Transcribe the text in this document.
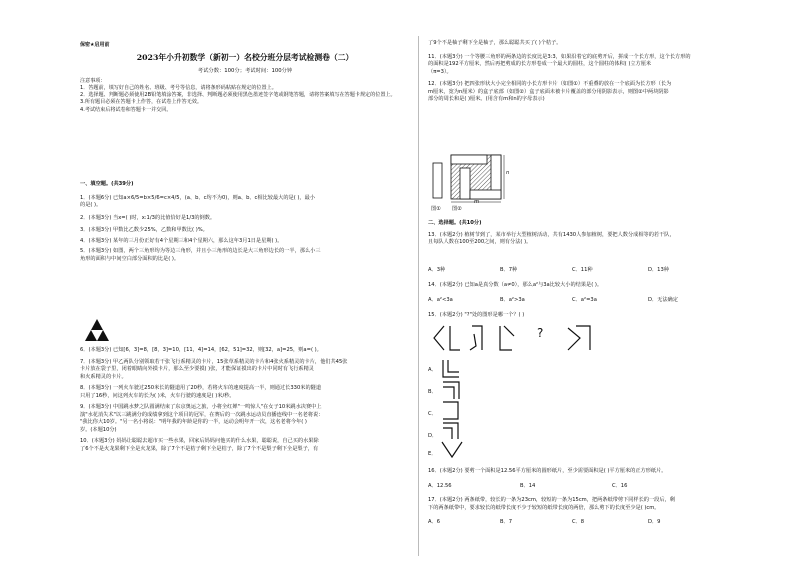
保密★启用前
2023年小升初数学（新初一）名校分班分层考试检测卷（二）
考试分数：100分；考试时间：100分钟
注意事项：
1．答题前，填写好自己的姓名、班级、考号等信息，请将条形码粘贴在规定的位置上。
2．选择题、判断题必须使用2B铅笔填涂答案，非选择、判断题必须使用黑色墨迹签字笔或钢笔答题，请将答案填写在答题卡规定的位置上。
3.所有题目必须在答题卡上作答，在试卷上作答无效。
4.考试结束后将试卷和答题卡一并交回。
一、填空题。(共39分)
1．(本题6分) 已知a×6/5=b×5/6=c×4/5，(a、b、c均不为0)，则a、b、c相比较最大的是( )，最小
的是( )。
2．(本题3分) 当x=( )时，x:1/3的比值恰好是1/3的倒数。
3．(本题3分) 甲数比乙数少25%，乙数和甲数比( )%。
4．(本题3分) 某年的三月份正好有4个星期三和4个星期六，那么这年3月1日是星期( )。
5．(本题3分) 如图，两个三角形均为等边三角形，并且小三角形的边长是大三角形边长的一半，那么小三
角形的面积与中间空白部分面积的比是( )。
6．(本题3分) 已知[6，3]=8，[8，3]=10，[11，4]=14，[62，51]=32，则[32，a]=25，则a=( )。
7．(本题3分) 甲乙两队分别领取若干张飞行系精灵的卡片，15张草系精灵的卡片和4张火系精灵的卡片，他们共45张
卡片放在袋子里，闭着眼睛向外摸卡片，那么至少要摸( )张，才能保证摸出的卡片中同时有飞行系精灵
和火系精灵的卡片。
8．(本题3分) 一列火车驶过250米长的隧道用了20秒，若将火车的速度提高一半，则通过长330米的隧道
只用了16秒，问这列火车的长为( )米，火车行驶的速度是( )米/秒。
9．(本题3分) 中国跳水梦之队圆满结束了东京奥运之旅，小将全红婵"一鸣惊人"在女子10米跳水决赛中上
演"水花消失术"以三跳满分的成绩拿到这个项目的冠军，在赛后的一次跳水运动员直播连线中一名老将说：
"我比你大10岁。"另一名小将说："明年我的年龄是你的一半，运动会明年开一次，这名老将今年( )
岁。(本题10分)
10．(本题3分) 妈妈让聪聪去超市买一些水果，回家后妈妈问他买的什么水果，聪聪说，自己买的水果除
了6个不是火龙果剩下全是火龙果，除了7个不是桔子剩下全是桔子，除了7个不是梨子剩下全是梨子，有
了9个不是柚子剩下全是柚子，那么聪聪共买了( )个桔子。
11．(本题3分) 一个等腰三角形的两条边的长度比是3:3，如果沿着它的底剪开后，拼成一个长方形，这个长方形的
的面积是192平方厘米，然后再把剪成的长方形卷成一个最大的圆柱，这个圆柱的体积( )立方厘米
（π=3）。
12．(本题3分) 把四张形状大小完全相同的小长方形卡片（如图①）不重叠的放在一个底面为长方形（长为
m厘米，宽为n厘米）的盒子底部（如图②）盒子底面未被卡片覆盖的部分用阴影表示，则图②中两块阴影
部分的周长和是( )厘米。(用含有m和n的字母表示)
图①
n
m
图②
二、选择题。(共10分)
13．(本题2分) 植树节到了，某市举行大型植树活动，共有1430人参加植树，要把人数分成相等的若干队，
且每队人数在100至200之间，则有分法( )。
A．3种	B．7种	C．11种	D．13种
14．(本题2分) 已知a是真分数（a≠0），那么a²与3a比较大小的结果是( )。
A．a²<3a	B．a²>3a	C．a²=3a	D．无法确定
15．(本题2分) "?"处的图形是哪一个？( )
?
A．
B．
C．
D．
E．
16．(本题2分) 要剪一个面积是12.56平方厘米的圆形纸片，至少需要面积是( )平方厘米的正方形纸片。
A．12.56	B．14	C．16
17．(本题2分) 两条纸带，较长的一条为23cm，较短的一条为15cm，把两条纸带剪下同样长的一段后，剩
下的两条纸带中，要求较长的纸带长度不少于较短的纸带长度的两倍，那么剪下的长度至少是( )cm。
A．6	B．7	C．8	D．9
